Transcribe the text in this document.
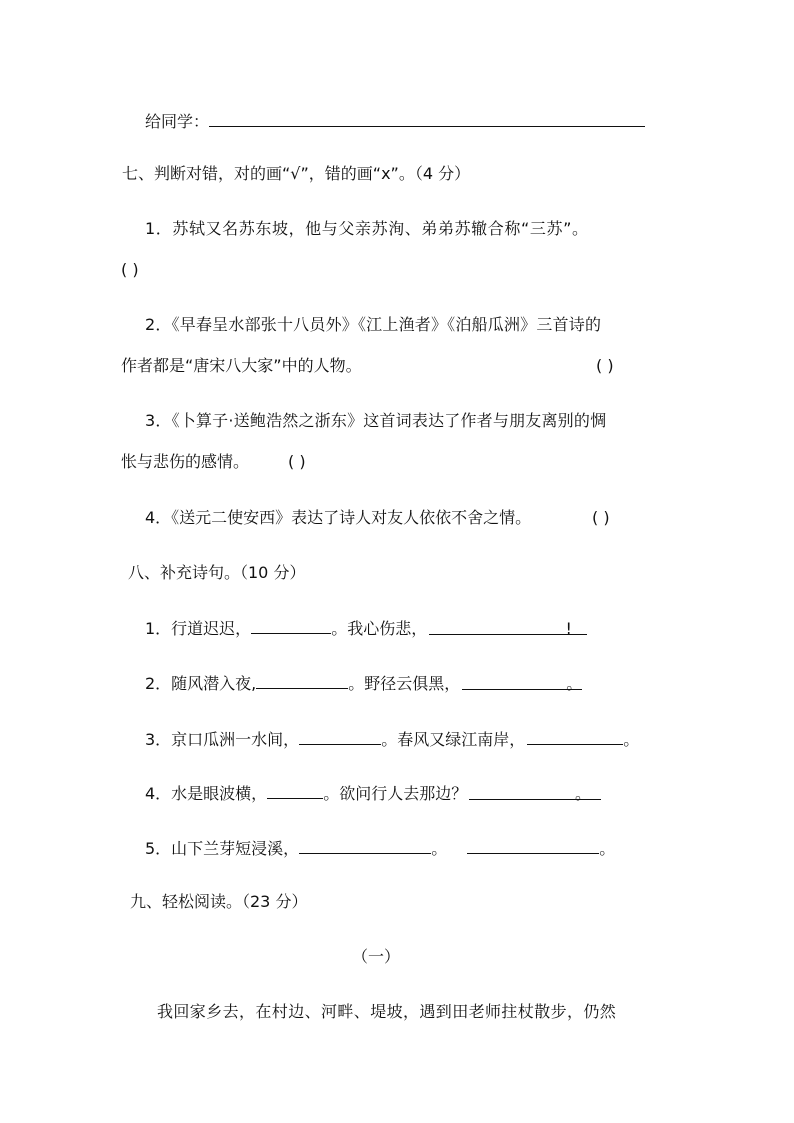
给同学：
七、判断对错，对的画“√”，错的画“x”。（4 分）
1．苏轼又名苏东坡，他与父亲苏洵、弟弟苏辙合称“三苏”。
( )
2．《早春呈水部张十八员外》《江上渔者》《泊船瓜洲》三首诗的
作者都是“唐宋八大家”中的人物。	( )
3．《卜算子·送鲍浩然之浙东》这首词表达了作者与朋友离别的惆
怅与悲伤的感情。 ( )
4．《送元二使安西》表达了诗人对友人依依不舍之情。	( )
八、补充诗句。（10 分）
1．行道迟迟，	。我心伤悲，	!
2．随风潜入夜,	。野径云俱黑，	。
3．京口瓜洲一水间，	。春风又绿江南岸，	。
4．水是眼波横，	。欲问行人去那边？	。
5．山下兰芽短浸溪，	。	。
九、轻松阅读。（23 分）
（一）
我回家乡去，在村边、河畔、堤坡，遇到田老师拄杖散步，仍然
